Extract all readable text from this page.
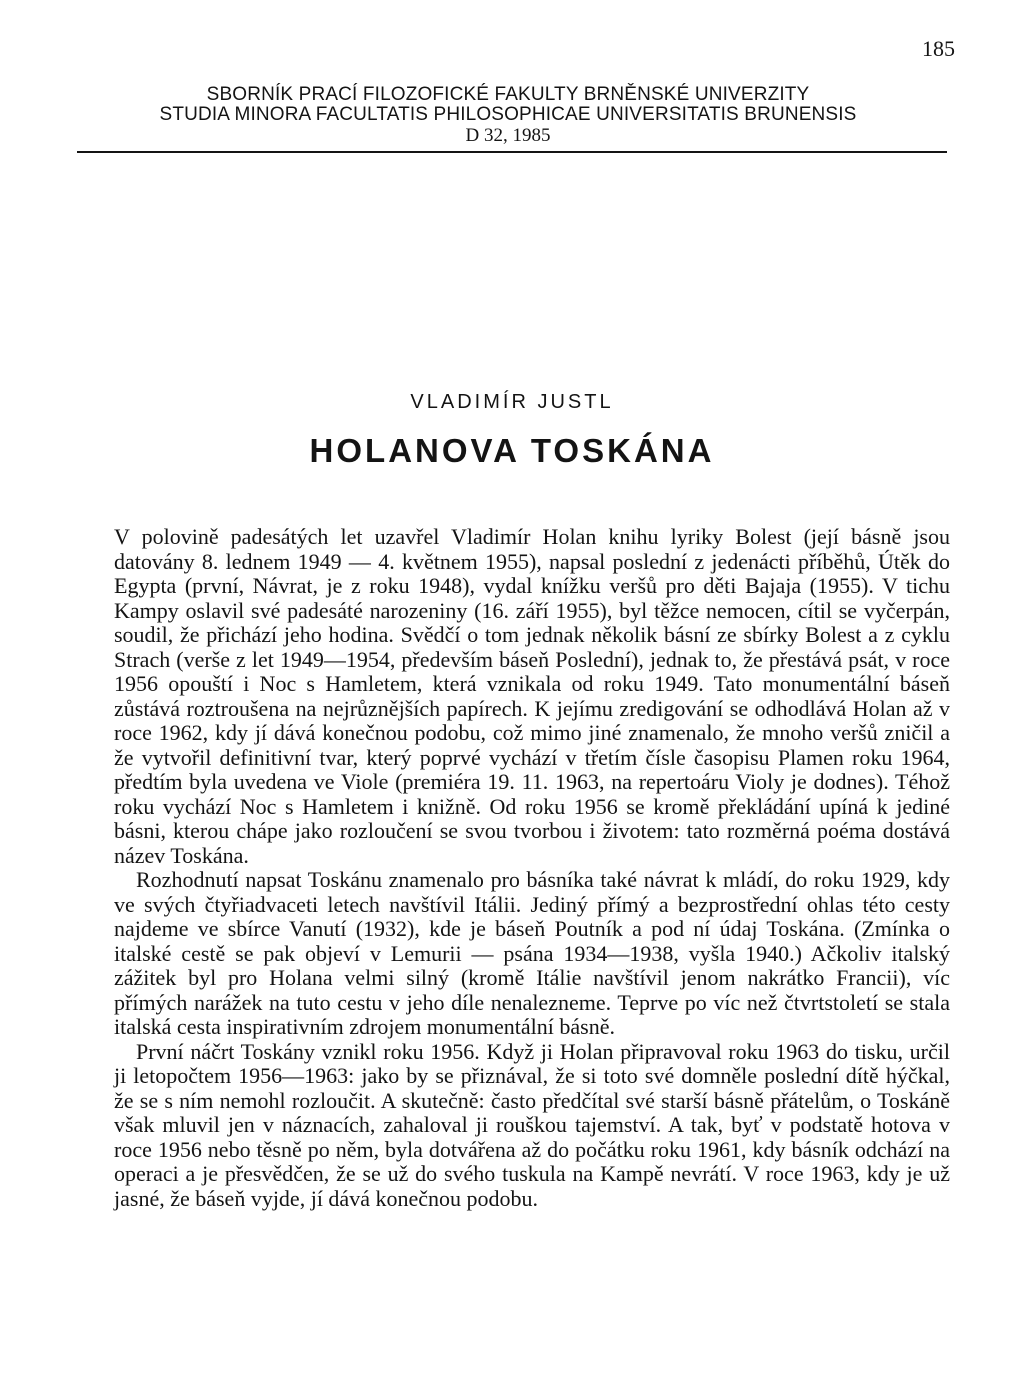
185
SBORNÍK PRACÍ FILOZOFICKÉ FAKULTY BRNĚNSKÉ UNIVERZITY
STUDIA MINORA FACULTATIS PHILOSOPHICAE UNIVERSITATIS BRUNENSIS
D 32, 1985
VLADIMÍR JUSTL
HOLANOVA TOSKÁNA

V polovině padesátých let uzavřel Vladimír Holan knihu lyriky Bolest (její básně jsou datovány 8. lednem 1949 — 4. květnem 1955), napsal poslední z jedenácti příběhů, Útěk do Egypta (první, Návrat, je z roku 1948), vydal knížku veršů pro děti Bajaja (1955). V tichu Kampy oslavil své padesáté narozeniny (16. září 1955), byl těžce nemocen, cítil se vyčerpán, soudil, že přichází jeho hodina. Svědčí o tom jednak několik básní ze sbírky Bolest a z cyklu Strach (verše z let 1949—1954, především báseň Poslední), jednak to, že přestává psát, v roce 1956 opouští i Noc s Hamletem, která vznikala od roku 1949. Tato monumentální báseň zůstává roztroušena na nejrůznějších papírech. K jejímu zredigování se odhodlává Holan až v roce 1962, kdy jí dává konečnou podobu, což mimo jiné znamenalo, že mnoho veršů zničil a že vytvořil definitivní tvar, který poprvé vychází v třetím čísle časopisu Plamen roku 1964, předtím byla uvedena ve Viole (premiéra 19. 11. 1963, na repertoáru Violy je dodnes). Téhož roku vychází Noc s Hamletem i knižně. Od roku 1956 se kromě překládání upíná k jediné básni, kterou chápe jako rozloučení se svou tvorbou i životem: tato rozměrná poéma dostává název Toskána.

Rozhodnutí napsat Toskánu znamenalo pro básníka také návrat k mládí, do roku 1929, kdy ve svých čtyřiadvaceti letech navštívil Itálii. Jediný přímý a bezprostřední ohlas této cesty najdeme ve sbírce Vanutí (1932), kde je báseň Poutník a pod ní údaj Toskána. (Zmínka o italské cestě se pak objeví v Lemurii — psána 1934—1938, vyšla 1940.) Ačkoliv italský zážitek byl pro Holana velmi silný (kromě Itálie navštívil jenom nakrátko Francii), víc přímých narážek na tuto cestu v jeho díle nenalezneme. Teprve po víc než čtvrtstoletí se stala italská cesta inspirativním zdrojem monumentální básně.

První náčrt Toskány vznikl roku 1956. Když ji Holan připravoval roku 1963 do tisku, určil ji letopočtem 1956—1963: jako by se přiznával, že si toto své domněle poslední dítě hýčkal, že se s ním nemohl rozloučit. A skutečně: často předčítal své starší básně přátelům, o Toskáně však mluvil jen v náznacích, zahaloval ji rouškou tajemství. A tak, byť v podstatě hotova v roce 1956 nebo těsně po něm, byla dotvářena až do počátku roku 1961, kdy básník odchází na operaci a je přesvědčen, že se už do svého tuskula na Kampě nevrátí. V roce 1963, kdy je už jasné, že báseň vyjde, jí dává konečnou podobu.
